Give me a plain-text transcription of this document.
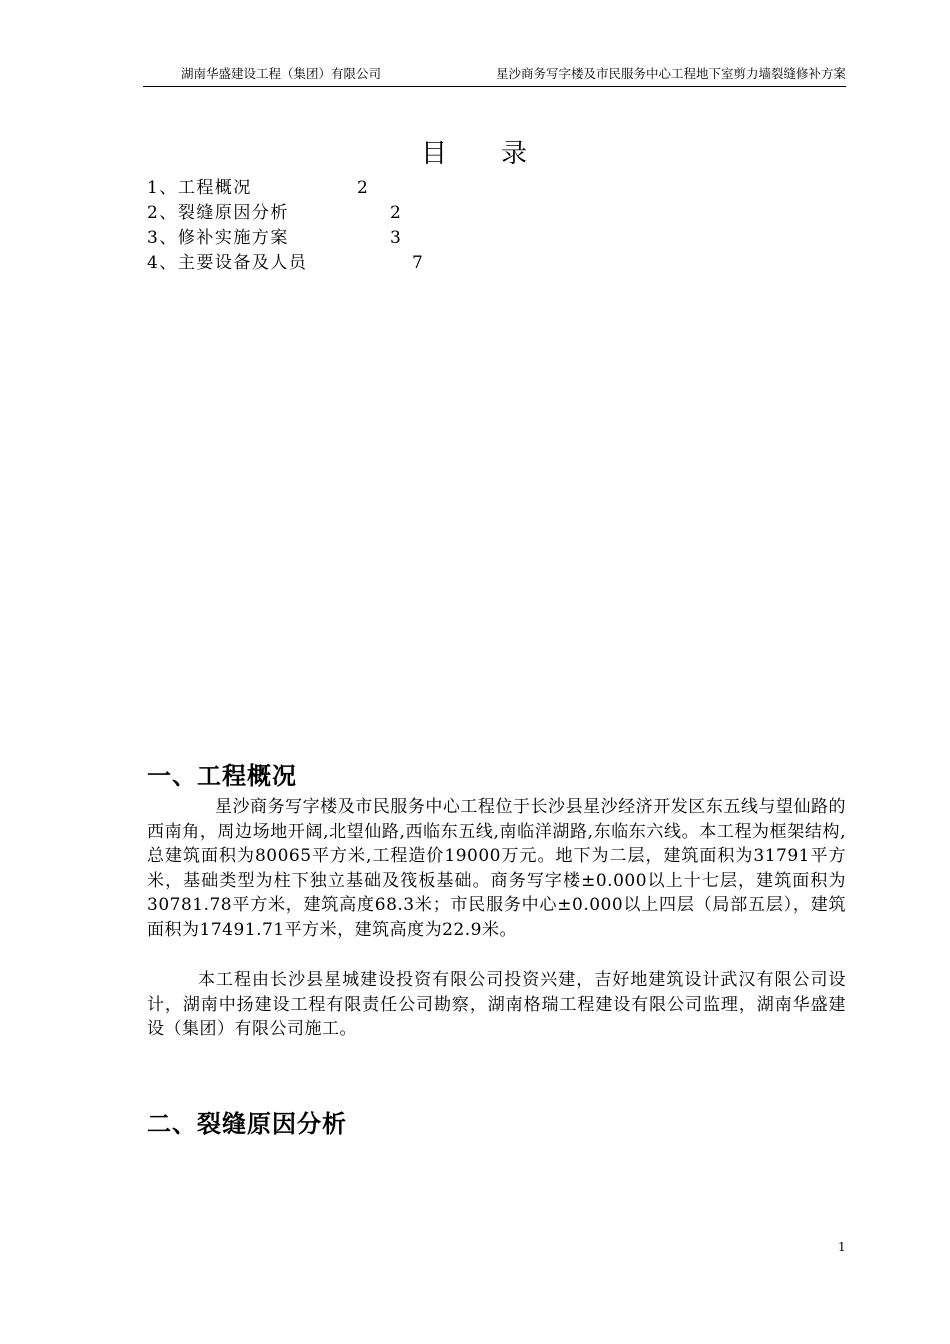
湖南华盛建设工程（集团）有限公司	星沙商务写字楼及市民服务中心工程地下室剪力墙裂缝修补方案
目 录
1、工程概况	2
2、裂缝原因分析	2
3、修补实施方案	3
4、主要设备及人员	7
一、工程概况

星沙商务写字楼及市民服务中心工程位于长沙县星沙经济开发区东五线与望仙路的西南角，周边场地开阔,北望仙路,西临东五线,南临洋湖路,东临东六线。本工程为框架结构,总建筑面积为80065平方米,工程造价19000万元。地下为二层，建筑面积为31791平方米，基础类型为柱下独立基础及筏板基础。商务写字楼±0.000以上十七层，建筑面积为30781.78平方米，建筑高度68.3米；市民服务中心±0.000以上四层（局部五层），建筑面积为17491.71平方米，建筑高度为22.9米。

本工程由长沙县星城建设投资有限公司投资兴建，吉好地建筑设计武汉有限公司设计，湖南中扬建设工程有限责任公司勘察，湖南格瑞工程建设有限公司监理，湖南华盛建设（集团）有限公司施工。

二、裂缝原因分析
1
